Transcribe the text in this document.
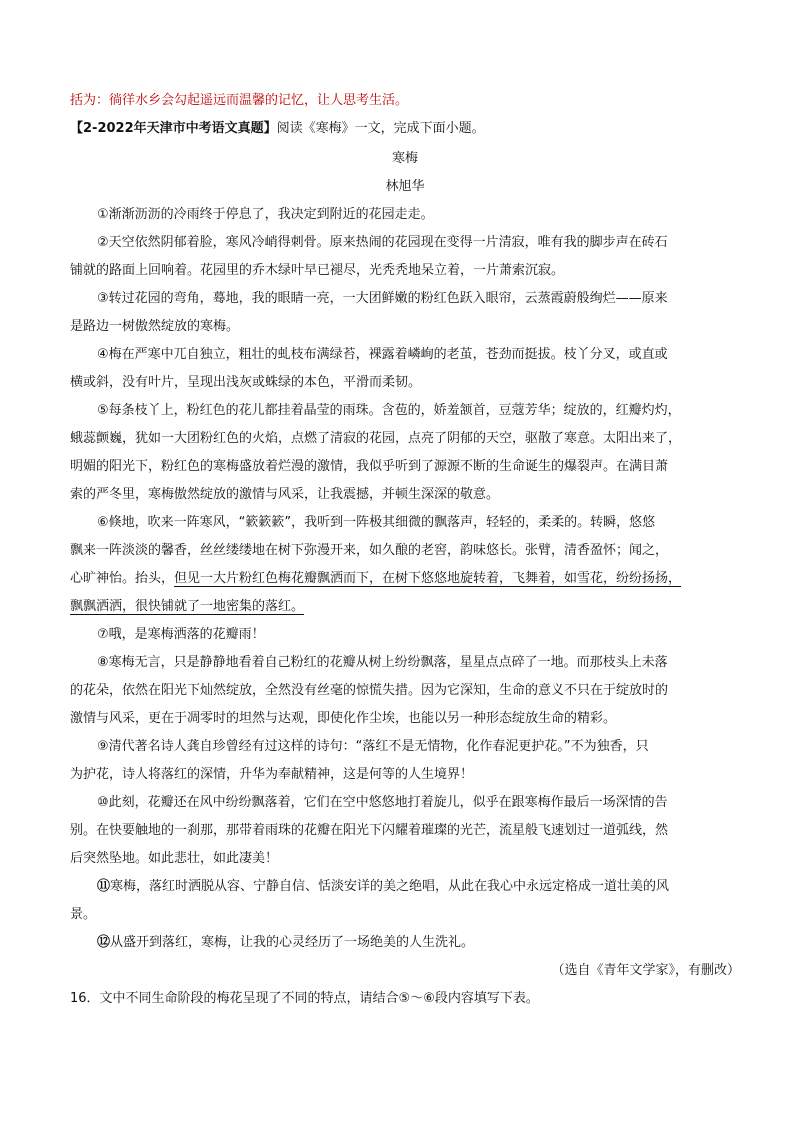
括为：徜徉水乡会勾起遥远而温馨的记忆，让人思考生活。
【2-2022年天津市中考语文真题】阅读《寒梅》一文，完成下面小题。
寒梅
林旭华
①渐渐沥沥的冷雨终于停息了，我决定到附近的花园走走。
②天空依然阴郁着脸，寒风冷峭得刺骨。原来热闹的花园现在变得一片清寂，唯有我的脚步声在砖石
铺就的路面上回响着。花园里的乔木绿叶早已褪尽，光秃秃地呆立着，一片萧索沉寂。
③转过花园的弯角，蓦地，我的眼睛一亮，一大团鲜嫩的粉红色跃入眼帘，云蒸霞蔚般绚烂——原来
是路边一树傲然绽放的寒梅。
④梅在严寒中兀自独立，粗壮的虬枝布满绿苔，裸露着嶙峋的老茧，苍劲而挺拔。枝丫分叉，或直或
横或斜，没有叶片，呈现出浅灰或蛛绿的本色，平滑而柔韧。
⑤每条枝丫上，粉红色的花儿都挂着晶莹的雨珠。含苞的，娇羞颔首，豆蔻芳华；绽放的，红瓣灼灼，
蛾蕊颤巍，犹如一大团粉红色的火焰，点燃了清寂的花园，点亮了阴郁的天空，驱散了寒意。太阳出来了，
明媚的阳光下，粉红色的寒梅盛放着烂漫的激情，我似乎听到了源源不断的生命诞生的爆裂声。在满目萧
索的严冬里，寒梅傲然绽放的激情与风采，让我震撼，并顿生深深的敬意。
⑥倏地，吹来一阵寒风，“簌簌簌”，我听到一阵极其细微的飘落声，轻轻的，柔柔的。转瞬，悠悠
飘来一阵淡淡的馨香，丝丝缕缕地在树下弥漫开来，如久酿的老窖，韵味悠长。张臂，清香盈怀；闻之，
心旷神怡。抬头，但见一大片粉红色梅花瓣飘洒而下，在树下悠悠地旋转着，飞舞着，如雪花，纷纷扬扬，
飘飘洒洒，很快铺就了一地密集的落红。
⑦哦，是寒梅洒落的花瓣雨！
⑧寒梅无言，只是静静地看着自己粉红的花瓣从树上纷纷飘落，星星点点碎了一地。而那枝头上未落
的花朵，依然在阳光下灿然绽放，全然没有丝毫的惊慌失措。因为它深知，生命的意义不只在于绽放时的
激情与风采，更在于凋零时的坦然与达观，即使化作尘埃，也能以另一种形态绽放生命的精彩。
⑨清代著名诗人龚自珍曾经有过这样的诗句：“落红不是无情物，化作春泥更护花。”不为独香，只
为护花，诗人将落红的深情，升华为奉献精神，这是何等的人生境界！
⑩此刻，花瓣还在风中纷纷飘落着，它们在空中悠悠地打着旋儿，似乎在跟寒梅作最后一场深情的告
别。在快要触地的一刹那，那带着雨珠的花瓣在阳光下闪耀着璀璨的光芒，流星般飞速划过一道弧线，然
后突然坠地。如此悲壮，如此凄美！
⑪寒梅，落红时洒脱从容、宁静自信、恬淡安详的美之绝唱，从此在我心中永远定格成一道壮美的风
景。
⑫从盛开到落红，寒梅，让我的心灵经历了一场绝美的人生洗礼。
（选自《青年文学家》，有删改）
16．文中不同生命阶段的梅花呈现了不同的特点，请结合⑤～⑥段内容填写下表。
